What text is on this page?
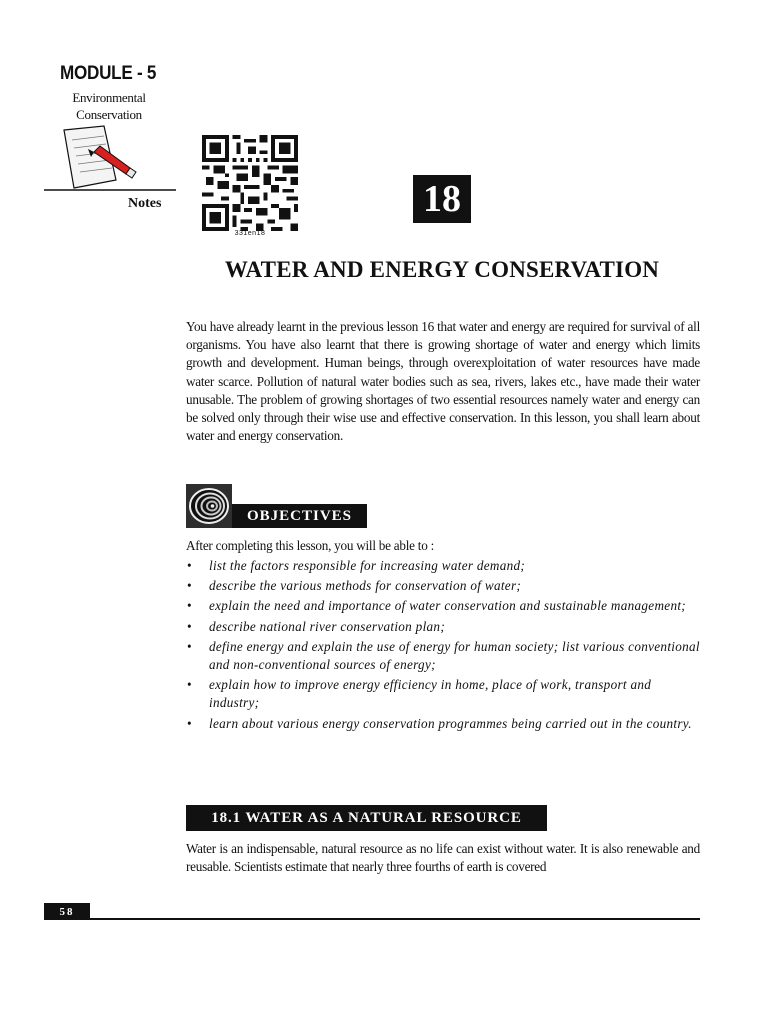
MODULE - 5
Environmental
Conservation
Notes
331en18
18
WATER AND ENERGY CONSERVATION

You have already learnt in the previous lesson 16 that water and energy are required for survival of all organisms. You have also learnt that there is growing shortage of water and energy which limits growth and development. Human beings, through overexploitation of water resources have made water scarce. Pollution of natural water bodies such as sea, rivers, lakes etc., have made their water unusable. The problem of growing shortages of two essential resources namely water and energy can be solved only through their wise use and effective conservation. In this lesson, you shall learn about water and energy conservation.

OBJECTIVES
After completing this lesson, you will be able to :
• list the factors responsible for increasing water demand;
• describe the various methods for conservation of water;
• explain the need and importance of water conservation and sustainable management;
• describe national river conservation plan;
• define energy and explain the use of energy for human society; list various conventional and non-conventional sources of energy;
• explain how to improve energy efficiency in home, place of work, transport and industry;
• learn about various energy conservation programmes being carried out in the country.
18.1 WATER AS A NATURAL RESOURCE

Water is an indispensable, natural resource as no life can exist without water. It is also renewable and reusable. Scientists estimate that nearly three fourths of earth is covered

58
